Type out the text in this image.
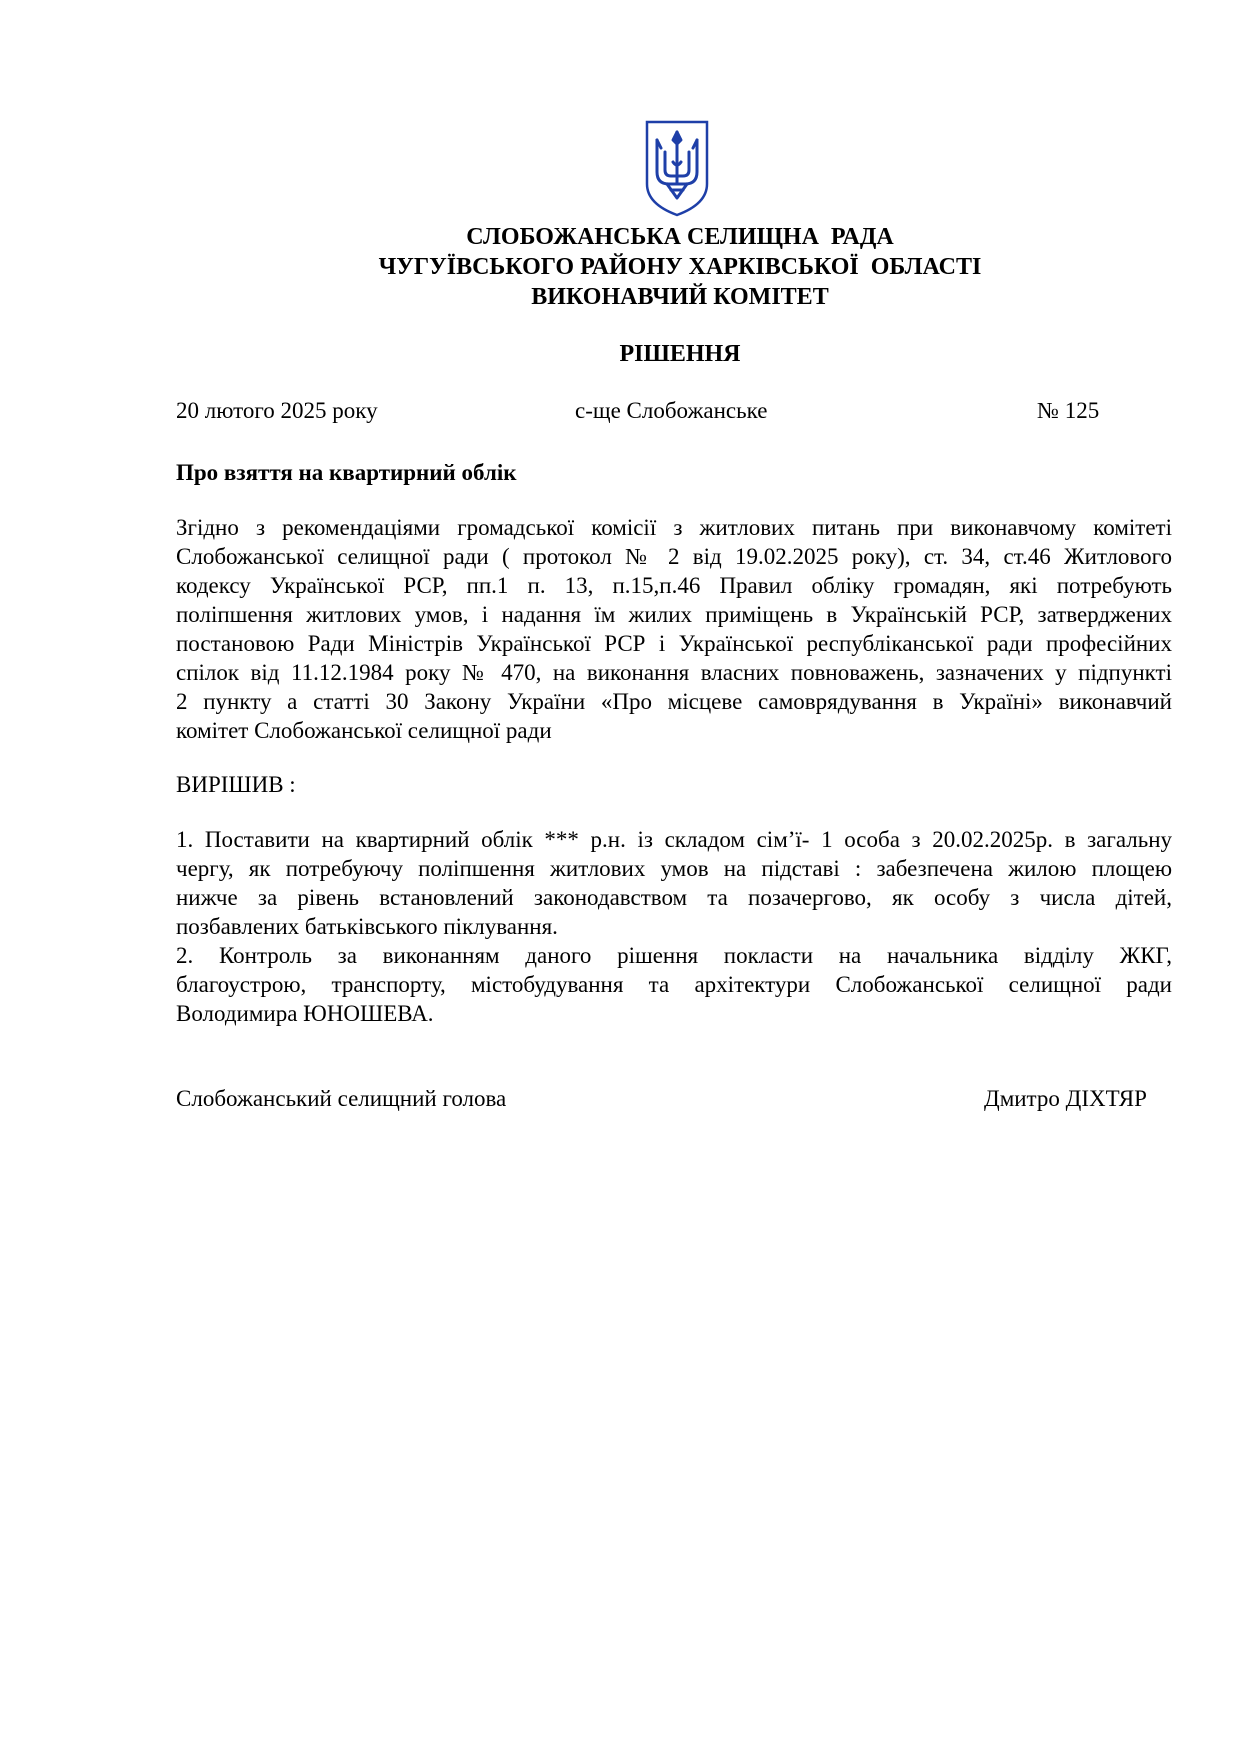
СЛОБОЖАНСЬКА СЕЛИЩНА  РАДА
ЧУГУЇВСЬКОГО РАЙОНУ ХАРКІВСЬКОЇ  ОБЛАСТІ
ВИКОНАВЧИЙ КОМІТЕТ
РІШЕННЯ
20 лютого 2025 року	с-ще Слобожанське	№ 125
Про взяття на квартирний облік
Згідно з рекомендаціями громадської комісії з житлових питань при виконавчому комітеті
Слобожанської селищної ради ( протокол № 2 від 19.02.2025 року), ст. 34, ст.46 Житлового
кодексу Української РСР, пп.1 п. 13, п.15,п.46 Правил обліку громадян, які потребують
поліпшення житлових умов, і надання їм жилих приміщень в Українській РСР, затверджених
постановою Ради Міністрів Української РСР і Української республіканської ради професійних
спілок від 11.12.1984 року № 470, на виконання власних повноважень, зазначених у підпункті
2 пункту а статті 30 Закону України «Про місцеве самоврядування в Україні» виконавчий
комітет Слобожанської селищної ради
ВИРІШИВ :
1. Поставити на квартирний облік *** р.н. із складом сім’ї- 1 особа з 20.02.2025р. в загальну
чергу, як потребуючу поліпшення житлових умов на підставі : забезпечена жилою площею
нижче за рівень встановлений законодавством та позачергово, як особу з числа дітей,
позбавлених батьківського піклування.
2. Контроль за виконанням даного рішення покласти на начальника відділу ЖКГ,
благоустрою, транспорту, містобудування та архітектури Слобожанської селищної ради
Володимира ЮНОШЕВА.
Слобожанський селищний голова	Дмитро ДІХТЯР
